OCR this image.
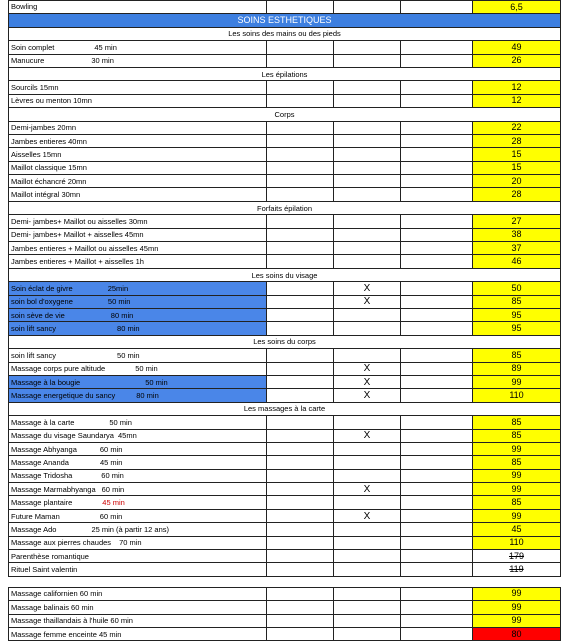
Bowling				6,5
SOINS ESTHETIQUES				
Les soins des mains ou des pieds				
Soin complet 45 min				49
Manucure 30 min				26
Les épilations				
Sourcils 15mn				12
Lèvres ou menton 10mn				12
Corps				
Demi-jambes 20mn				22
Jambes entieres 40mn				28
Aisselles 15mn				15
Maillot classique 15mn				15
Maillot échancré 20mn				20
Maillot intégral 30mn				28
Forfaits épilation				
Demi- jambes+ Maillot ou aisselles 30mn				27
Demi- jambes+ Maillot + aisselles 45mn				38
Jambes entieres + Maillot ou aisselles 45mn				37
Jambes entieres + Maillot + aisselles 1h				46
Les soins du visage				
Soin éclat de givre 25min		X		50
soin bol d'oxygene 50 min		X		85
soin sève de vie 80 min				95
soin lift sancy 80 min				95
Les soins du corps				
soin lift sancy 50 min				85
Massage corps pure altitude 50 min		X		89
Massage à la bougie 50 min		X		99
Massage energetique du sancy 80 min		X		110
Les massages à la carte				
Massage à la carte 50 min				85
Massage du visage Saundarya 45mn		X		85
Massage Abhyanga 60 min				99
Massage Ananda 45 min				85
Massage Tridosha 60 min				99
Massage Marmabhyanga 60 min		X		99
Massage plantaire 45 min				85
Future Maman 60 min		X		99
Massage Ado 25 min (à partir 12 ans)				45
Massage aux pierres chaudes 70 min				110
Parenthèse romantique				179
Rituel Saint valentin				119

Massage californien 60 min				99
Massage balinais 60 min				99
Massage thaillandais à l'huile 60 min				99
Massage femme enceinte 45 min				80
